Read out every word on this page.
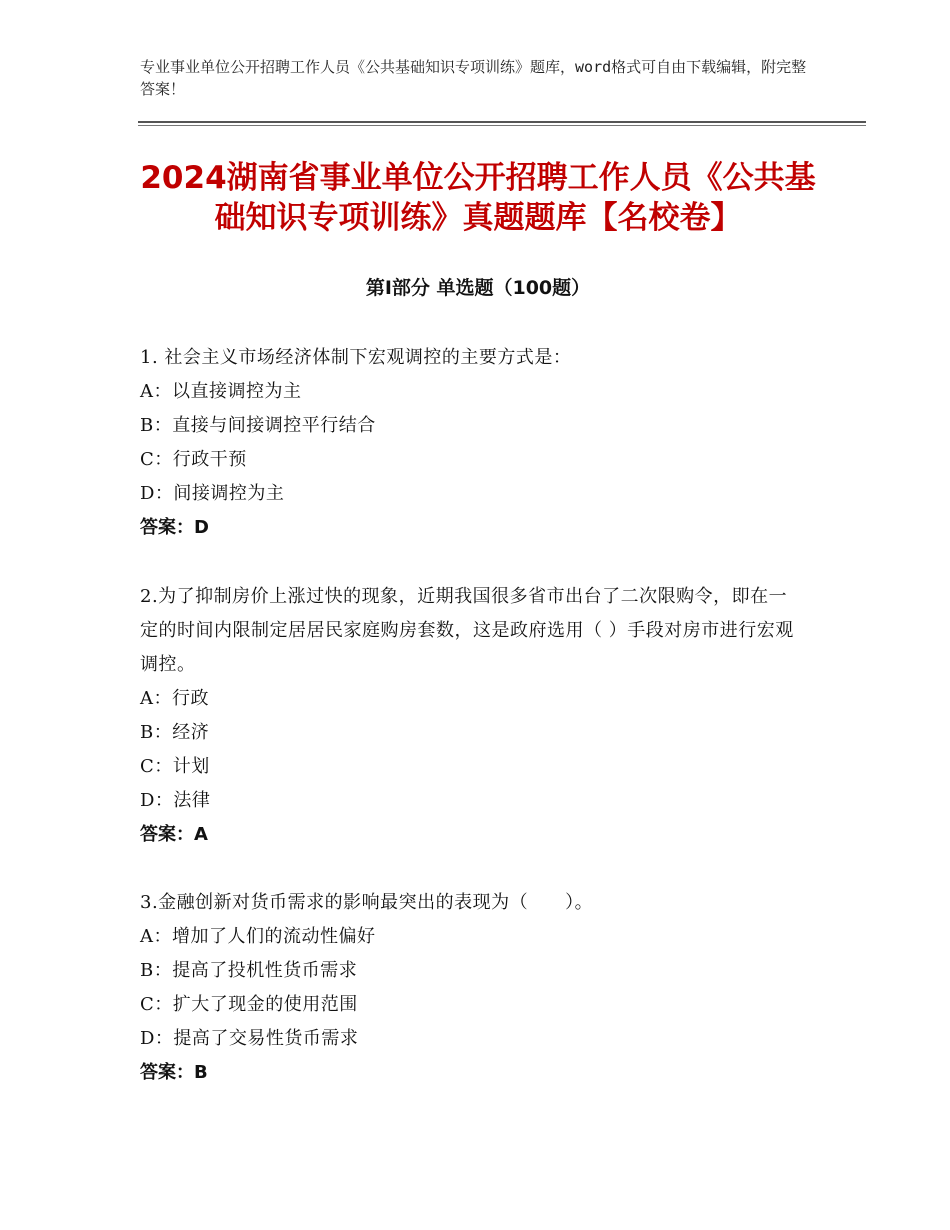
专业事业单位公开招聘工作人员《公共基础知识专项训练》题库，word格式可自由下载编辑，附完整答案！
2024湖南省事业单位公开招聘工作人员《公共基础知识专项训练》真题题库【名校卷】
第Ⅰ部分 单选题（100题）
1. 社会主义市场经济体制下宏观调控的主要方式是：
A：以直接调控为主
B：直接与间接调控平行结合
C：行政干预
D：间接调控为主
答案：D
2.为了抑制房价上涨过快的现象，近期我国很多省市出台了二次限购令，即在一定的时间内限制定居居民家庭购房套数，这是政府选用（ ）手段对房市进行宏观调控。
A：行政
B：经济
C：计划
D：法律
答案：A
3.金融创新对货币需求的影响最突出的表现为（　　）。
A：增加了人们的流动性偏好
B：提高了投机性货币需求
C：扩大了现金的使用范围
D：提高了交易性货币需求
答案：B
